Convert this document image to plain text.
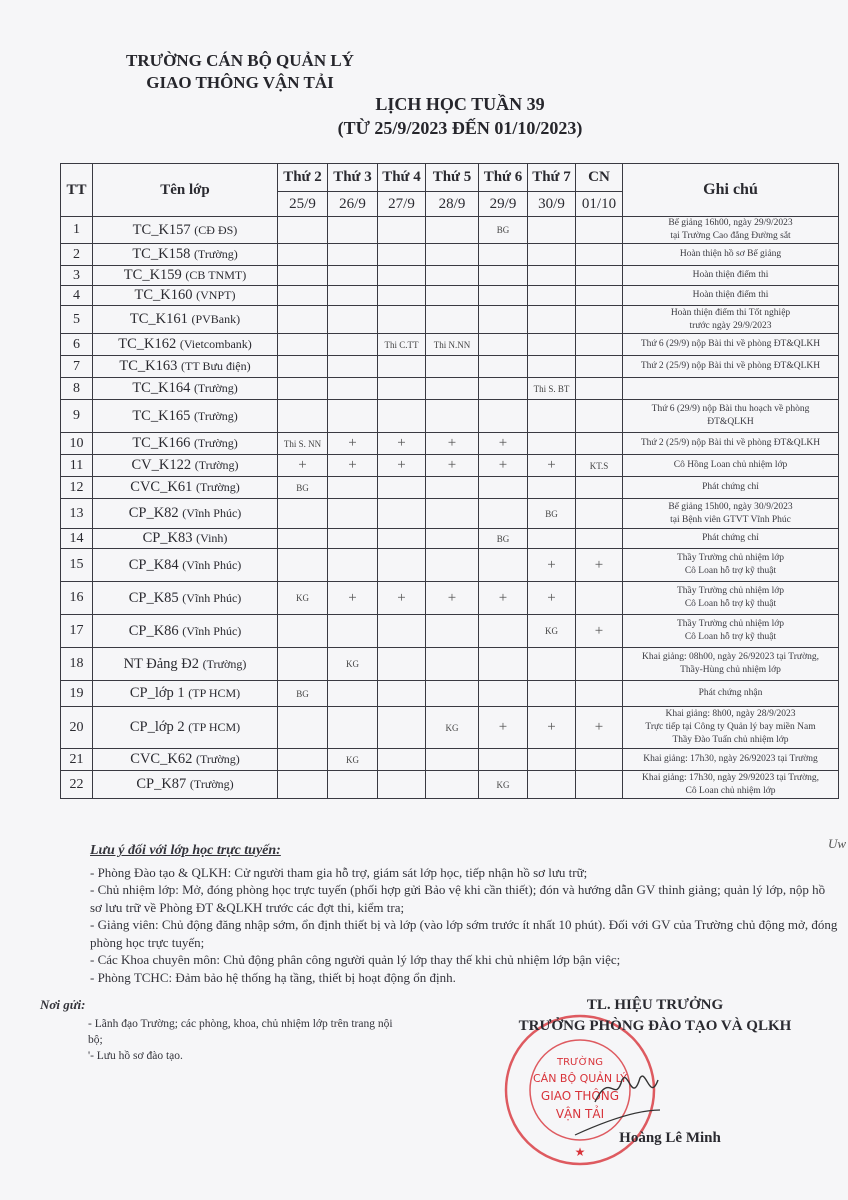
TRƯỜNG CÁN BỘ QUẢN LÝ
GIAO THÔNG VẬN TẢI
LỊCH HỌC TUẦN 39
(TỪ 25/9/2023 ĐẾN 01/10/2023)
TT	Tên lớp	Thứ 2	Thứ 3	Thứ 4	Thứ 5	Thứ 6	Thứ 7	CN	Ghi chú
		25/9	26/9	27/9	28/9	29/9	30/9	01/10	
1	TC_K157 (CĐ ĐS)					BG			Bế giảng 16h00, ngày 29/9/2023
tại Trường Cao đẳng Đường sắt

2	TC_K158 (Trường)								Hoàn thiện hồ sơ Bế giảng

3	TC_K159 (CB TNMT)								Hoàn thiện điểm thi

4	TC_K160 (VNPT)								Hoàn thiện điểm thi

5	TC_K161 (PVBank)								Hoàn thiện điểm thi Tốt nghiệp
trước ngày 29/9/2023

6	TC_K162 (Vietcombank)			Thi C.TT	Thi N.NN				Thứ 6 (29/9) nộp Bài thi về phòng ĐT&QLKH

7	TC_K163 (TT Bưu điện)								Thứ 2 (25/9) nộp Bài thi về phòng ĐT&QLKH

8	TC_K164 (Trường)						Thi S. BT		

9	TC_K165 (Trường)								Thứ 6 (29/9) nộp Bài thu hoạch về phòng
ĐT&QLKH

10	TC_K166 (Trường)	Thi S. NN	+	+	+	+			Thứ 2 (25/9) nộp Bài thi về phòng ĐT&QLKH

11	CV_K122 (Trường)	+	+	+	+	+	+	KT.S	Cô Hồng Loan chủ nhiệm lớp

12	CVC_K61 (Trường)	BG							Phát chứng chỉ

13	CP_K82 (Vĩnh Phúc)						BG		Bế giảng 15h00, ngày 30/9/2023
tại Bệnh viên GTVT Vĩnh Phúc

14	CP_K83 (Vinh)					BG			Phát chứng chỉ

15	CP_K84 (Vĩnh Phúc)						+	+	Thầy Trường chủ nhiệm lớp
Cô Loan hỗ trợ kỹ thuật

16	CP_K85 (Vĩnh Phúc)	KG	+	+	+	+	+		Thầy Trường chủ nhiệm lớp
Cô Loan hỗ trợ kỹ thuật

17	CP_K86 (Vĩnh Phúc)						KG	+	Thầy Trường chủ nhiệm lớp
Cô Loan hỗ trợ kỹ thuật

18	NT Đảng Đ2 (Trường)		KG						Khai giảng: 08h00, ngày 26/92023 tại Trường,
Thầy-Hùng chủ nhiệm lớp

19	CP_lớp 1 (TP HCM)	BG							Phát chứng nhận

20	CP_lớp 2 (TP HCM)				KG	+	+	+	Khai giảng: 8h00, ngày 28/9/2023
Trực tiếp tại Công ty Quản lý bay miền Nam
Thầy Đào Tuấn chủ nhiệm lớp

21	CVC_K62 (Trường)		KG						Khai giảng: 17h30, ngày 26/92023 tại Trường

22	CP_K87 (Trường)					KG			Khai giảng: 17h30, ngày 29/92023 tại Trường,
Cô Loan chủ nhiệm lớp
Lưu ý đối với lớp học trực tuyến:
- Phòng Đào tạo & QLKH: Cử người tham gia hỗ trợ, giám sát lớp học, tiếp nhận hồ sơ lưu trữ;
- Chủ nhiệm lớp: Mở, đóng phòng học trực tuyến (phối hợp gửi Bảo vệ khi cần thiết); đón và hướng dẫn GV thỉnh giảng; quản lý lớp, nộp hồ sơ lưu trữ về Phòng ĐT &QLKH trước các đợt thi, kiểm tra;
- Giảng viên: Chủ động đăng nhập sớm, ổn định thiết bị và lớp (vào lớp sớm trước ít nhất 10 phút). Đối với GV của Trường chủ động mở, đóng phòng học trực tuyến;
- Các Khoa chuyên môn: Chủ động phân công người quản lý lớp thay thế khi chủ nhiệm lớp bận việc;
- Phòng TCHC: Đảm bảo hệ thống hạ tầng, thiết bị hoạt động ổn định.
Nơi gửi:
- Lãnh đạo Trường; các phòng, khoa, chủ nhiệm lớp trên trang nội bộ;
'- Lưu hồ sơ đào tạo.
TRƯỜNG
CÁN BỘ QUẢN LÝ
GIAO THÔNG
VẬN TẢI
★
TL. HIỆU TRƯỞNG
TRƯỞNG PHÒNG ĐÀO TẠO VÀ QLKH
Hoàng Lê Minh
Uw
